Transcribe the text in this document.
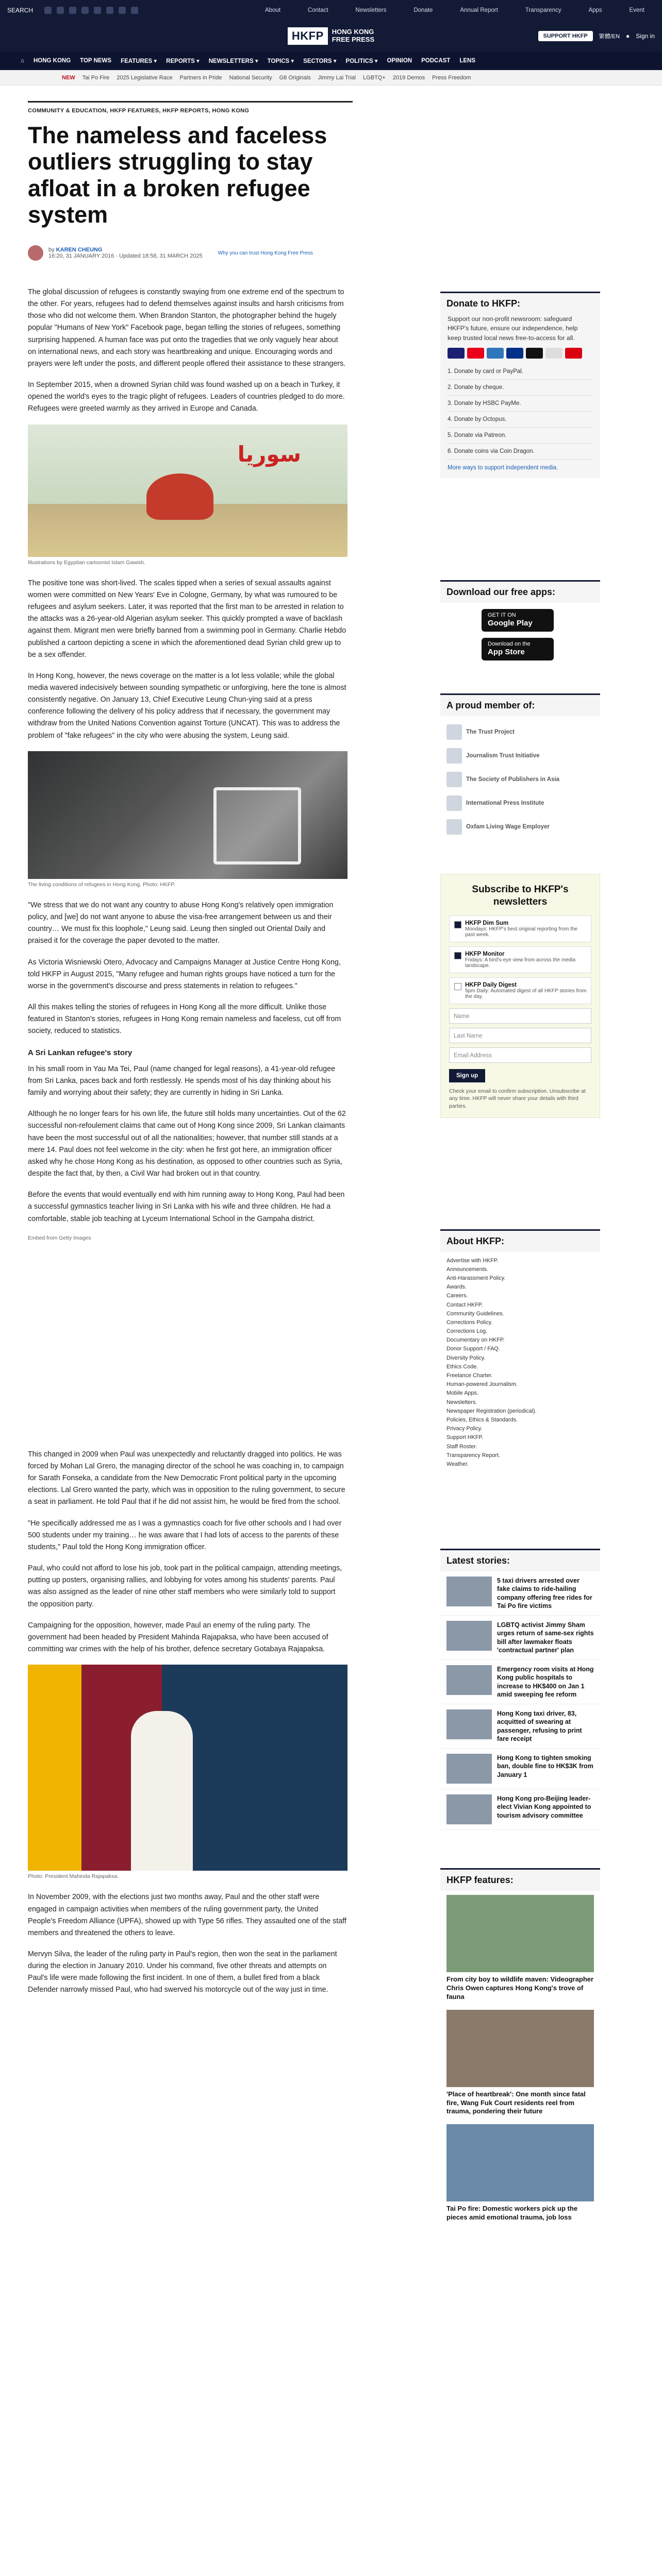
SEARCH	About	Contact	Newsletters	Donate	Annual Report	Transparency	Apps	Event
HKFP	HONG KONG
FREE PRESS	SUPPORT HKFP	繁體/EN ● Sign in
⌂ HONG KONG TOP NEWS FEATURES ▾	REPORTS ▾	NEWSLETTERS ▾	TOPICS ▾	SECTORS ▾	POLITICS ▾	OPINION PODCAST LENS
NEW Tai Po Fire 2025 Legislative Race Partners in Pride National Security G8 Originals Jimmy Lai Trial LGBTQ+ 2019 Demos Press Freedom
COMMUNITY & EDUCATION, HKFP FEATURES, HKFP REPORTS, HONG KONG
The nameless and faceless outliers struggling to stay afloat in a broken refugee system
by KAREN CHEUNG
16:20, 31 JANUARY 2016 · Updated 18:58, 31 MARCH 2025	Why you can trust Hong Kong Free Press

The global discussion of refugees is constantly swaying from one extreme end of the spectrum to the other. For years, refugees had to defend themselves against insults and harsh criticisms from those who did not welcome them. When Brandon Stanton, the photographer behind the hugely popular "Humans of New York" Facebook page, began telling the stories of refugees, something surprising happened. A human face was put onto the tragedies that we only vaguely hear about on international news, and each story was heartbreaking and unique. Encouraging words and prayers were left under the posts, and different people offered their assistance to these strangers.

In September 2015, when a drowned Syrian child was found washed up on a beach in Turkey, it opened the world's eyes to the tragic plight of refugees. Leaders of countries pledged to do more. Refugees were greeted warmly as they arrived in Europe and Canada.

سوريا
Illustrations by Egyptian cartoonist Islam Gawish.

The positive tone was short-lived. The scales tipped when a series of sexual assaults against women were committed on New Years' Eve in Cologne, Germany, by what was rumoured to be refugees and asylum seekers. Later, it was reported that the first man to be arrested in relation to the attacks was a 26-year-old Algerian asylum seeker. This quickly prompted a wave of backlash against them. Migrant men were briefly banned from a swimming pool in Germany. Charlie Hebdo published a cartoon depicting a scene in which the aforementioned dead Syrian child grew up to be a sex offender.

In Hong Kong, however, the news coverage on the matter is a lot less volatile; while the global media wavered indecisively between sounding sympathetic or unforgiving, here the tone is almost consistently negative. On January 13, Chief Executive Leung Chun-ying said at a press conference following the delivery of his policy address that if necessary, the government may withdraw from the United Nations Convention against Torture (UNCAT). This was to address the problem of "fake refugees" in the city who were abusing the system, Leung said.

The living conditions of refugees in Hong Kong. Photo: HKFP.

"We stress that we do not want any country to abuse Hong Kong's relatively open immigration policy, and [we] do not want anyone to abuse the visa-free arrangement between us and their country… We must fix this loophole," Leung said. Leung then singled out Oriental Daily and praised it for the coverage the paper devoted to the matter.

As Victoria Wisniewski Otero, Advocacy and Campaigns Manager at Justice Centre Hong Kong, told HKFP in August 2015, "Many refugee and human rights groups have noticed a turn for the worse in the government's discourse and press statements in relation to refugees."

All this makes telling the stories of refugees in Hong Kong all the more difficult. Unlike those featured in Stanton's stories, refugees in Hong Kong remain nameless and faceless, cut off from society, reduced to statistics.

A Sri Lankan refugee's story

In his small room in Yau Ma Tei, Paul (name changed for legal reasons), a 41-year-old refugee from Sri Lanka, paces back and forth restlessly. He spends most of his day thinking about his family and worrying about their safety; they are currently in hiding in Sri Lanka.

Although he no longer fears for his own life, the future still holds many uncertainties. Out of the 62 successful non-refoulement claims that came out of Hong Kong since 2009, Sri Lankan claimants have been the most successful out of all the nationalities; however, that number still stands at a mere 14. Paul does not feel welcome in the city: when he first got here, an immigration officer asked why he chose Hong Kong as his destination, as opposed to other countries such as Syria, despite the fact that, by then, a Civil War had broken out in that country.

Before the events that would eventually end with him running away to Hong Kong, Paul had been a successful gymnastics teacher living in Sri Lanka with his wife and three children. He had a comfortable, stable job teaching at Lyceum International School in the Gampaha district.

Embed from Getty Images

This changed in 2009 when Paul was unexpectedly and reluctantly dragged into politics. He was forced by Mohan Lal Grero, the managing director of the school he was coaching in, to campaign for Sarath Fonseka, a candidate from the New Democratic Front political party in the upcoming elections. Lal Grero wanted the party, which was in opposition to the ruling government, to secure a seat in parliament. He told Paul that if he did not assist him, he would be fired from the school.

"He specifically addressed me as I was a gymnastics coach for five other schools and I had over 500 students under my training… he was aware that I had lots of access to the parents of these students," Paul told the Hong Kong immigration officer.

Paul, who could not afford to lose his job, took part in the political campaign, attending meetings, putting up posters, organising rallies, and lobbying for votes among his students' parents. Paul was also assigned as the leader of nine other staff members who were similarly told to support the opposition party.

Campaigning for the opposition, however, made Paul an enemy of the ruling party. The government had been headed by President Mahinda Rajapaksa, who have been accused of committing war crimes with the help of his brother, defence secretary Gotabaya Rajapaksa.

Photo: President Mahinda Rajapaksa.

In November 2009, with the elections just two months away, Paul and the other staff were engaged in campaign activities when members of the ruling government party, the United People's Freedom Alliance (UPFA), showed up with Type 56 rifles. They assaulted one of the staff members and threatened the others to leave.

Mervyn Silva, the leader of the ruling party in Paul's region, then won the seat in the parliament during the election in January 2010. Under his command, five other threats and attempts on Paul's life were made following the first incident. In one of them, a bullet fired from a black Defender narrowly missed Paul, who had swerved his motorcycle out of the way just in time.

Donate to HKFP:

Support our non-profit newsroom: safeguard HKFP's future, ensure our independence, help keep trusted local news free-to-access for all.

1. Donate by card or PayPal.
2. Donate by cheque.
3. Donate by HSBC PayMe.
4. Donate by Octopus.
5. Donate via Patreon.
6. Donate coins via Coin Dragon.
More ways to support independent media.
Download our free apps:
GET IT ON
Google Play
Download on the
App Store
A proud member of:
The Trust Project
Journalism Trust Initiative
The Society of Publishers in Asia
International Press Institute
Oxfam Living Wage Employer
Subscribe to HKFP's newsletters
HKFP Dim Sum
Mondays: HKFP's best original reporting from the past week.
HKFP Monitor
Fridays: A bird's-eye view from across the media landscape.
HKFP Daily Digest
5pm Daily: Automated digest of all HKFP stories from the day.
Name
Last Name
Email Address
Sign up
Check your email to confirm subscription. Unsubscribe at any time. HKFP will never share your details with third parties.
About HKFP:
Advertise with HKFP.
Announcements.
Anti-Harassment Policy.
Awards.
Careers.
Contact HKFP.
Community Guidelines.
Corrections Policy.
Corrections Log.
Documentary on HKFP.
Donor Support / FAQ.
Diversity Policy.
Ethics Code.
Freelance Charter.
Human-powered Journalism.
Mobile Apps.
Newsletters.
Newspaper Registration (periodical).
Policies, Ethics & Standards.
Privacy Policy.
Support HKFP.
Staff Roster.
Transparency Report.
Weather.
Latest stories:
5 taxi drivers arrested over fake claims to ride-hailing company offering free rides for Tai Po fire victims
LGBTQ activist Jimmy Sham urges return of same-sex rights bill after lawmaker floats 'contractual partner' plan
Emergency room visits at Hong Kong public hospitals to increase to HK$400 on Jan 1 amid sweeping fee reform
Hong Kong taxi driver, 83, acquitted of swearing at passenger, refusing to print fare receipt
Hong Kong to tighten smoking ban, double fine to HK$3K from January 1
Hong Kong pro-Beijing leader-elect Vivian Kong appointed to tourism advisory committee
HKFP features:
From city boy to wildlife maven: Videographer Chris Owen captures Hong Kong's trove of fauna
'Place of heartbreak': One month since fatal fire, Wang Fuk Court residents reel from trauma, pondering their future
Tai Po fire: Domestic workers pick up the pieces amid emotional trauma, job loss
